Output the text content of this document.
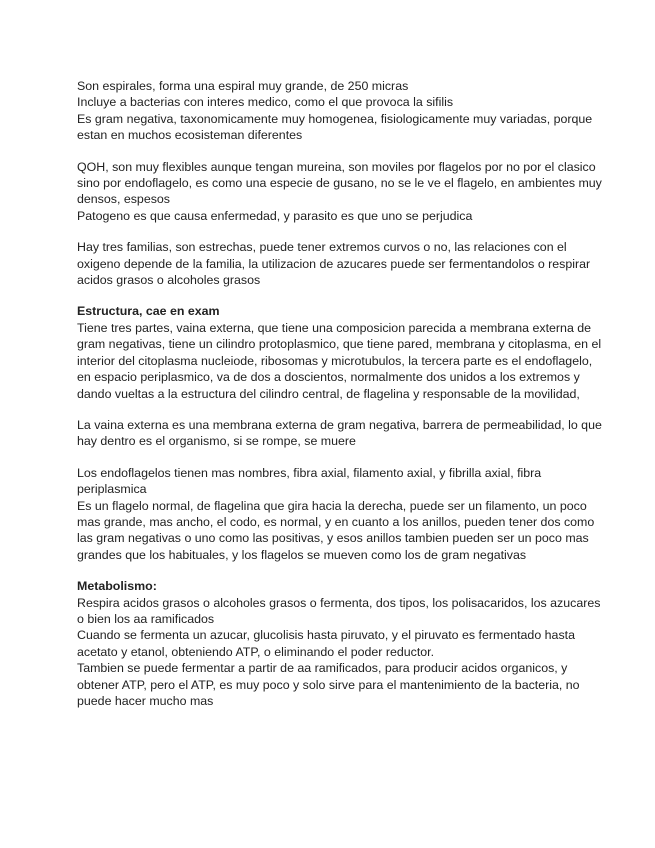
Son espirales, forma una espiral muy grande, de 250 micras
Incluye a bacterias con interes medico, como el que provoca la sifilis
Es gram negativa, taxonomicamente muy homogenea, fisiologicamente muy variadas, porque
estan en muchos ecosisteman diferentes
QOH, son muy flexibles aunque tengan mureina, son moviles por flagelos por no por el clasico
sino por endoflagelo, es como una especie de gusano, no se le ve el flagelo, en ambientes muy
densos, espesos
Patogeno es que causa enfermedad, y parasito es que uno se perjudica
Hay tres familias, son estrechas, puede tener extremos curvos o no, las relaciones con el
oxigeno depende de la familia, la utilizacion de azucares puede ser fermentandolos o respirar
acidos grasos o alcoholes grasos
Estructura, cae en exam
Tiene tres partes, vaina externa, que tiene una composicion parecida a membrana externa de
gram negativas, tiene un cilindro protoplasmico, que tiene pared, membrana y citoplasma, en el
interior del citoplasma nucleiode, ribosomas y microtubulos, la tercera parte es el endoflagelo,
en espacio periplasmico, va de dos a doscientos, normalmente dos unidos a los extremos y
dando vueltas a la estructura del cilindro central, de flagelina y responsable de la movilidad,
La vaina externa es una membrana externa de gram negativa, barrera de permeabilidad, lo que
hay dentro es el organismo, si se rompe, se muere
Los endoflagelos tienen mas nombres, fibra axial, filamento axial, y fibrilla axial, fibra
periplasmica
Es un flagelo normal, de flagelina que gira hacia la derecha, puede ser un filamento, un poco
mas grande, mas ancho, el codo, es normal, y en cuanto a los anillos, pueden tener dos como
las gram negativas o uno como las positivas, y esos anillos tambien pueden ser un poco mas
grandes que los habituales, y los flagelos se mueven como los de gram negativas
Metabolismo:
Respira acidos grasos o alcoholes grasos o fermenta, dos tipos, los polisacaridos, los azucares
o bien los aa ramificados
Cuando se fermenta un azucar, glucolisis hasta piruvato, y el piruvato es fermentado hasta
acetato y etanol, obteniendo ATP, o eliminando el poder reductor.
Tambien se puede fermentar a partir de aa ramificados, para producir acidos organicos, y
obtener ATP, pero el ATP, es muy poco y solo sirve para el mantenimiento de la bacteria, no
puede hacer mucho mas
